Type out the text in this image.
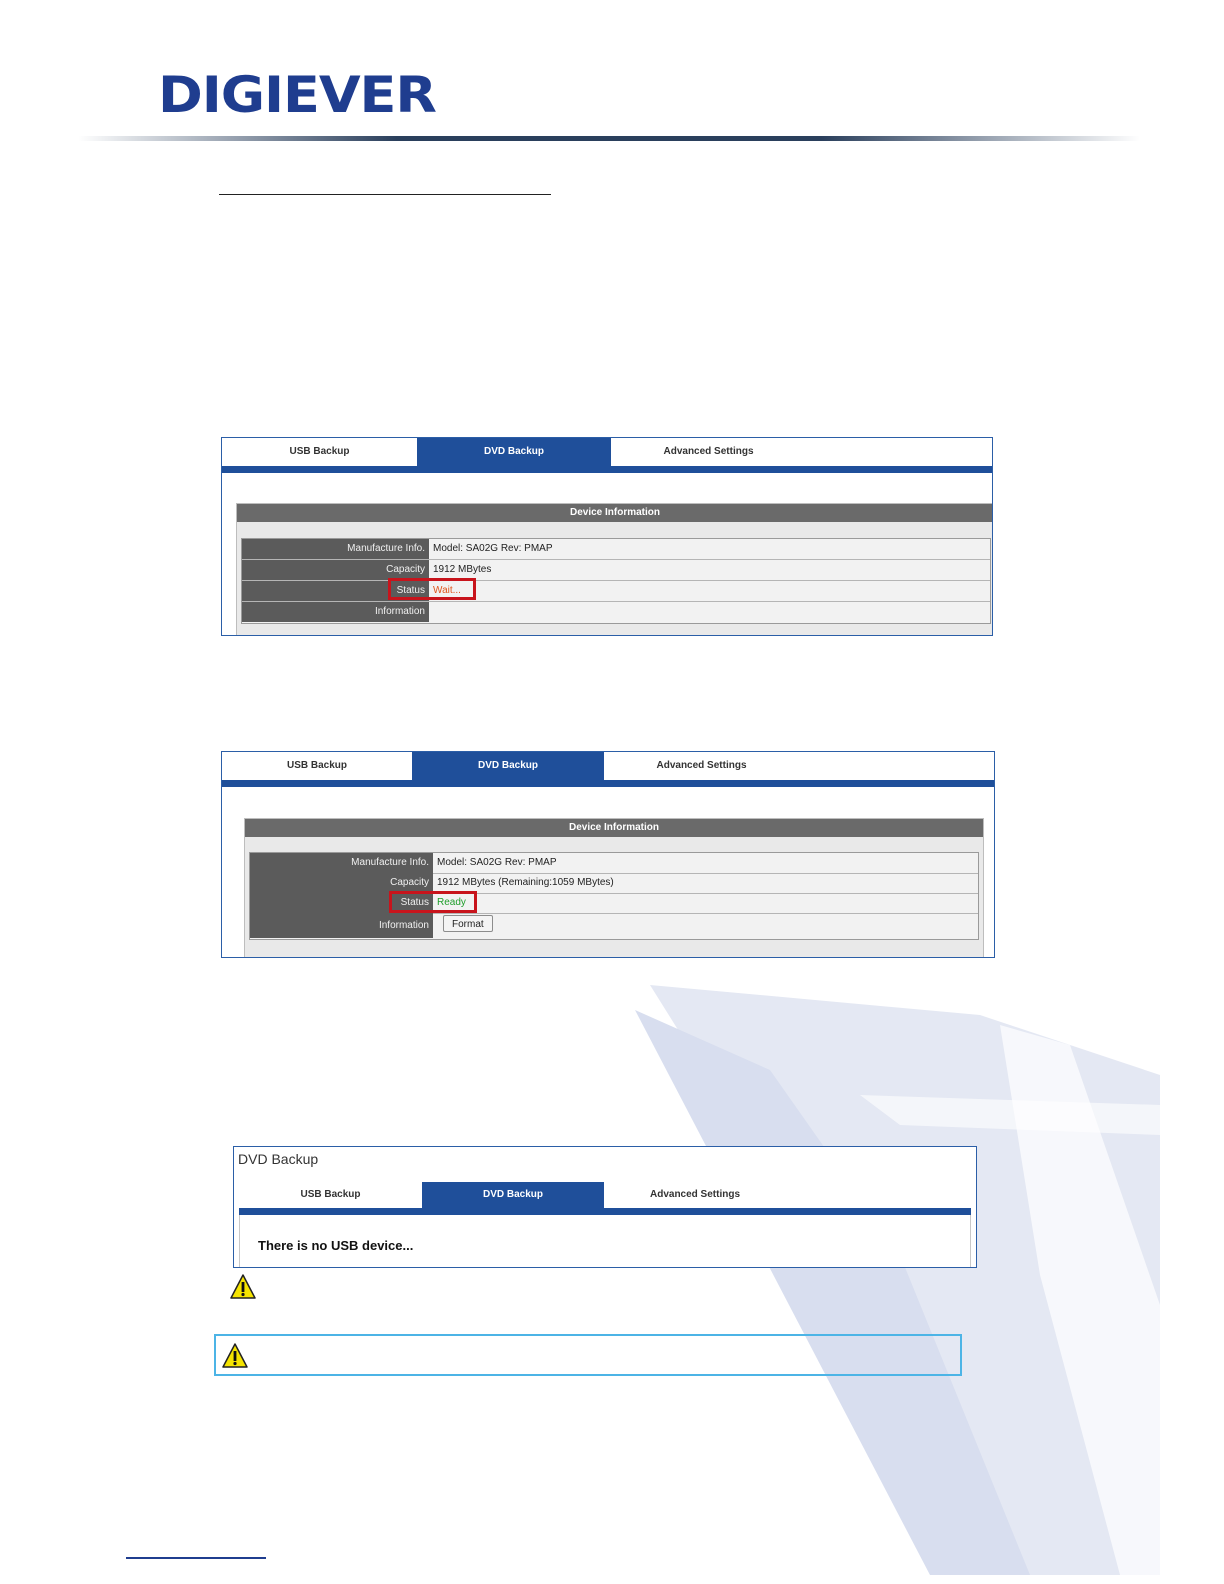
DIGIEVER
USB Backup	DVD Backup	Advanced Settings
Device Information
Manufacture Info. Model: SA02G Rev: PMAP
Capacity 1912 MBytes
Status Wait...
Information
USB Backup	DVD Backup	Advanced Settings
Device Information
Manufacture Info. Model: SA02G Rev: PMAP
Capacity 1912 MBytes (Remaining:1059 MBytes)
Status Ready
Information	Format
DVD Backup
USB Backup	DVD Backup	Advanced Settings
There is no USB device...
